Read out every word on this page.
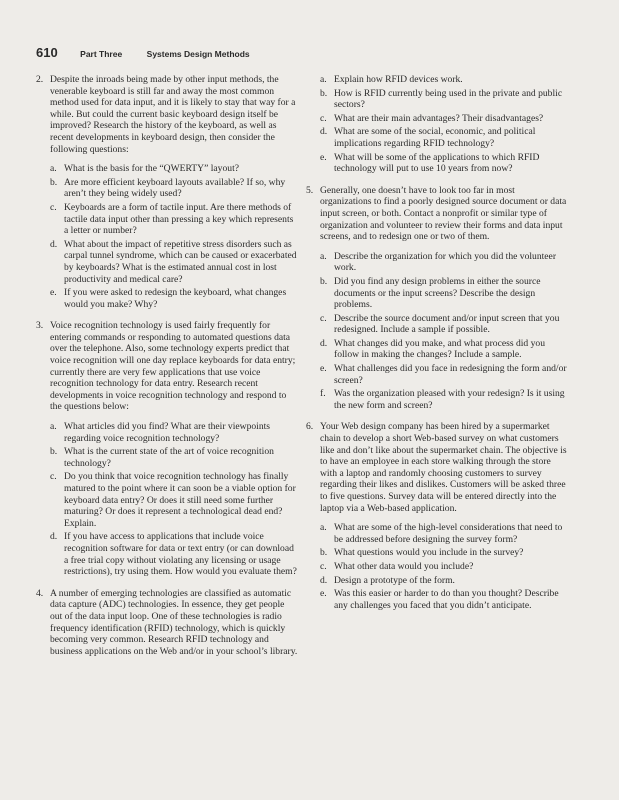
610	Part Three	Systems Design Methods
2. Despite the inroads being made by other input methods, the venerable keyboard is still far and away the most common method used for data input, and it is likely to stay that way for a while. But could the current basic keyboard design itself be improved? Research the history of the keyboard, as well as recent developments in keyboard design, then consider the following questions:
a. What is the basis for the “QWERTY” layout?
b. Are more efficient keyboard layouts available? If so, why aren’t they being widely used?
c. Keyboards are a form of tactile input. Are there methods of tactile data input other than pressing a key which represents a letter or number?
d. What about the impact of repetitive stress disorders such as carpal tunnel syndrome, which can be caused or exacerbated by keyboards? What is the estimated annual cost in lost productivity and medical care?
e. If you were asked to redesign the keyboard, what changes would you make? Why?
3. Voice recognition technology is used fairly frequently for entering commands or responding to automated questions data over the telephone. Also, some technology experts predict that voice recognition will one day replace keyboards for data entry; currently there are very few applications that use voice recognition technology for data entry. Research recent developments in voice recognition technology and respond to the questions below:
a. What articles did you find? What are their viewpoints regarding voice recognition technology?
b. What is the current state of the art of voice recognition technology?
c. Do you think that voice recognition technology has finally matured to the point where it can soon be a viable option for keyboard data entry? Or does it still need some further maturing? Or does it represent a technological dead end? Explain.
d. If you have access to applications that include voice recognition software for data or text entry (or can download a free trial copy without violating any licensing or usage restrictions), try using them. How would you evaluate them?
4. A number of emerging technologies are classified as automatic data capture (ADC) technologies. In essence, they get people out of the data input loop. One of these technologies is radio frequency identification (RFID) technology, which is quickly becoming very common. Research RFID technology and business applications on the Web and/or in your school’s library.
a. Explain how RFID devices work.
b. How is RFID currently being used in the private and public sectors?
c. What are their main advantages? Their disadvantages?
d. What are some of the social, economic, and political implications regarding RFID technology?
e. What will be some of the applications to which RFID technology will put to use 10 years from now?
5. Generally, one doesn’t have to look too far in most organizations to find a poorly designed source document or data input screen, or both. Contact a nonprofit or similar type of organization and volunteer to review their forms and data input screens, and to redesign one or two of them.
a. Describe the organization for which you did the volunteer work.
b. Did you find any design problems in either the source documents or the input screens? Describe the design problems.
c. Describe the source document and/or input screen that you redesigned. Include a sample if possible.
d. What changes did you make, and what process did you follow in making the changes? Include a sample.
e. What challenges did you face in redesigning the form and/or screen?
f. Was the organization pleased with your redesign? Is it using the new form and screen?
6. Your Web design company has been hired by a supermarket chain to develop a short Web-based survey on what customers like and don’t like about the supermarket chain. The objective is to have an employee in each store walking through the store with a laptop and randomly choosing customers to survey regarding their likes and dislikes. Customers will be asked three to five questions. Survey data will be entered directly into the laptop via a Web-based application.
a. What are some of the high-level considerations that need to be addressed before designing the survey form?
b. What questions would you include in the survey?
c. What other data would you include?
d. Design a prototype of the form.
e. Was this easier or harder to do than you thought? Describe any challenges you faced that you didn’t anticipate.
